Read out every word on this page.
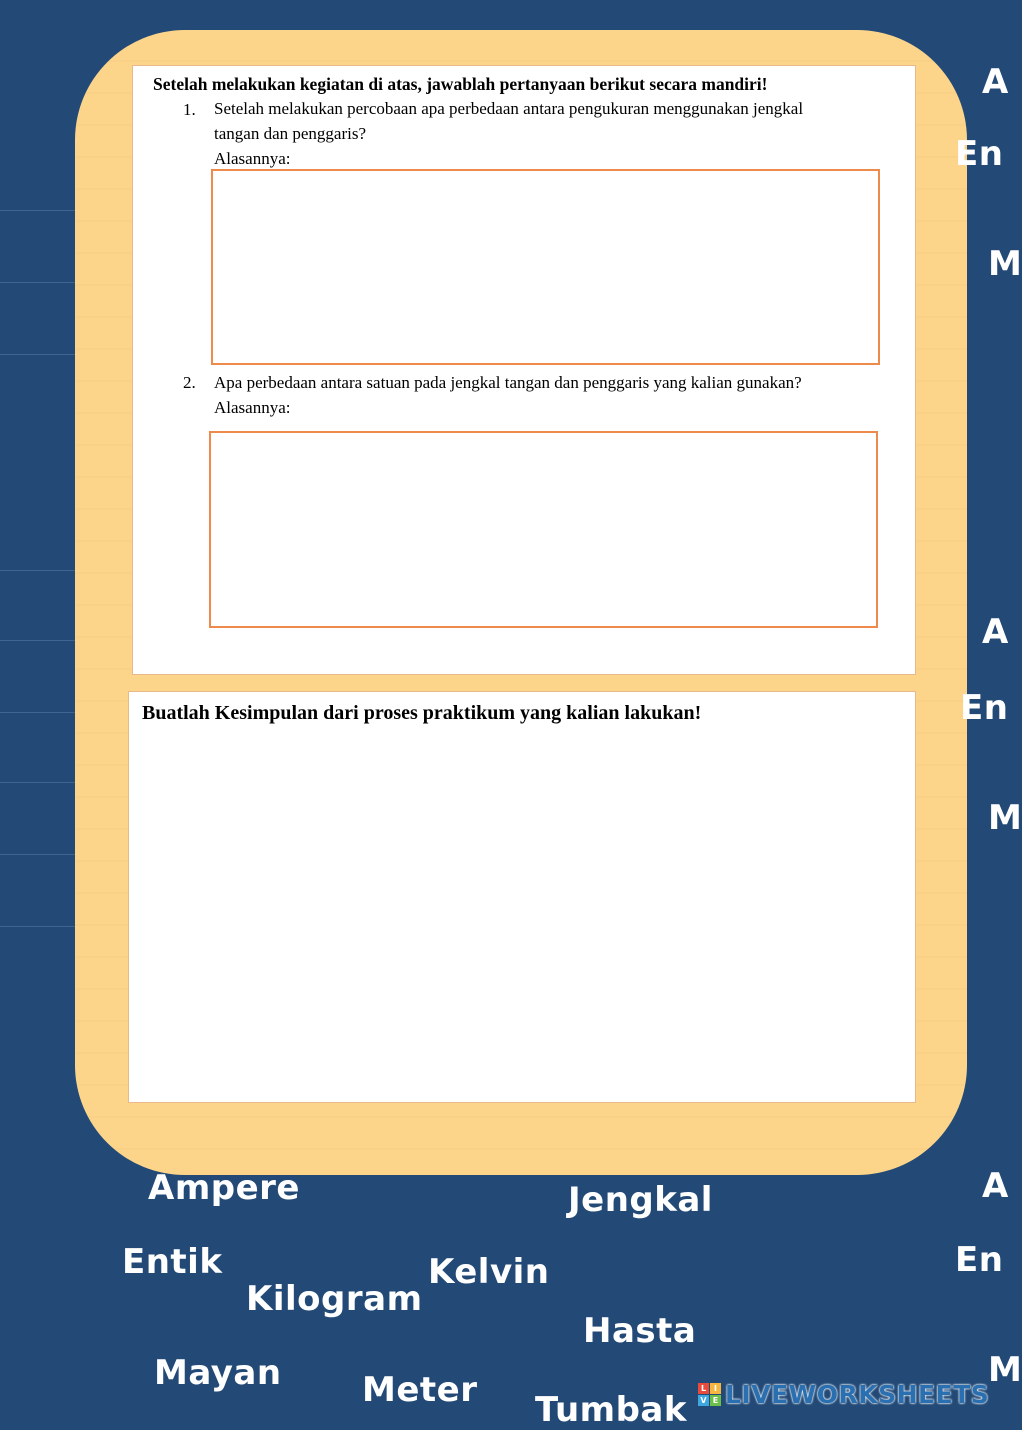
Setelah melakukan kegiatan di atas, jawablah pertanyaan berikut secara mandiri!
1. Setelah melakukan percobaan apa perbedaan antara pengukuran menggunakan jengkal
tangan dan penggaris?
Alasannya:
2. Apa perbedaan antara satuan pada jengkal tangan dan penggaris yang kalian gunakan?
Alasannya:
Buatlah Kesimpulan dari proses praktikum yang kalian lakukan!
Ampere	Jengkal
Entik	Kelvin
Kilogram
Hasta
Mayan Meter Tumbak
A
En
M
A
En
M
A
En
M
L I
V E LIVEWORKSHEETS
